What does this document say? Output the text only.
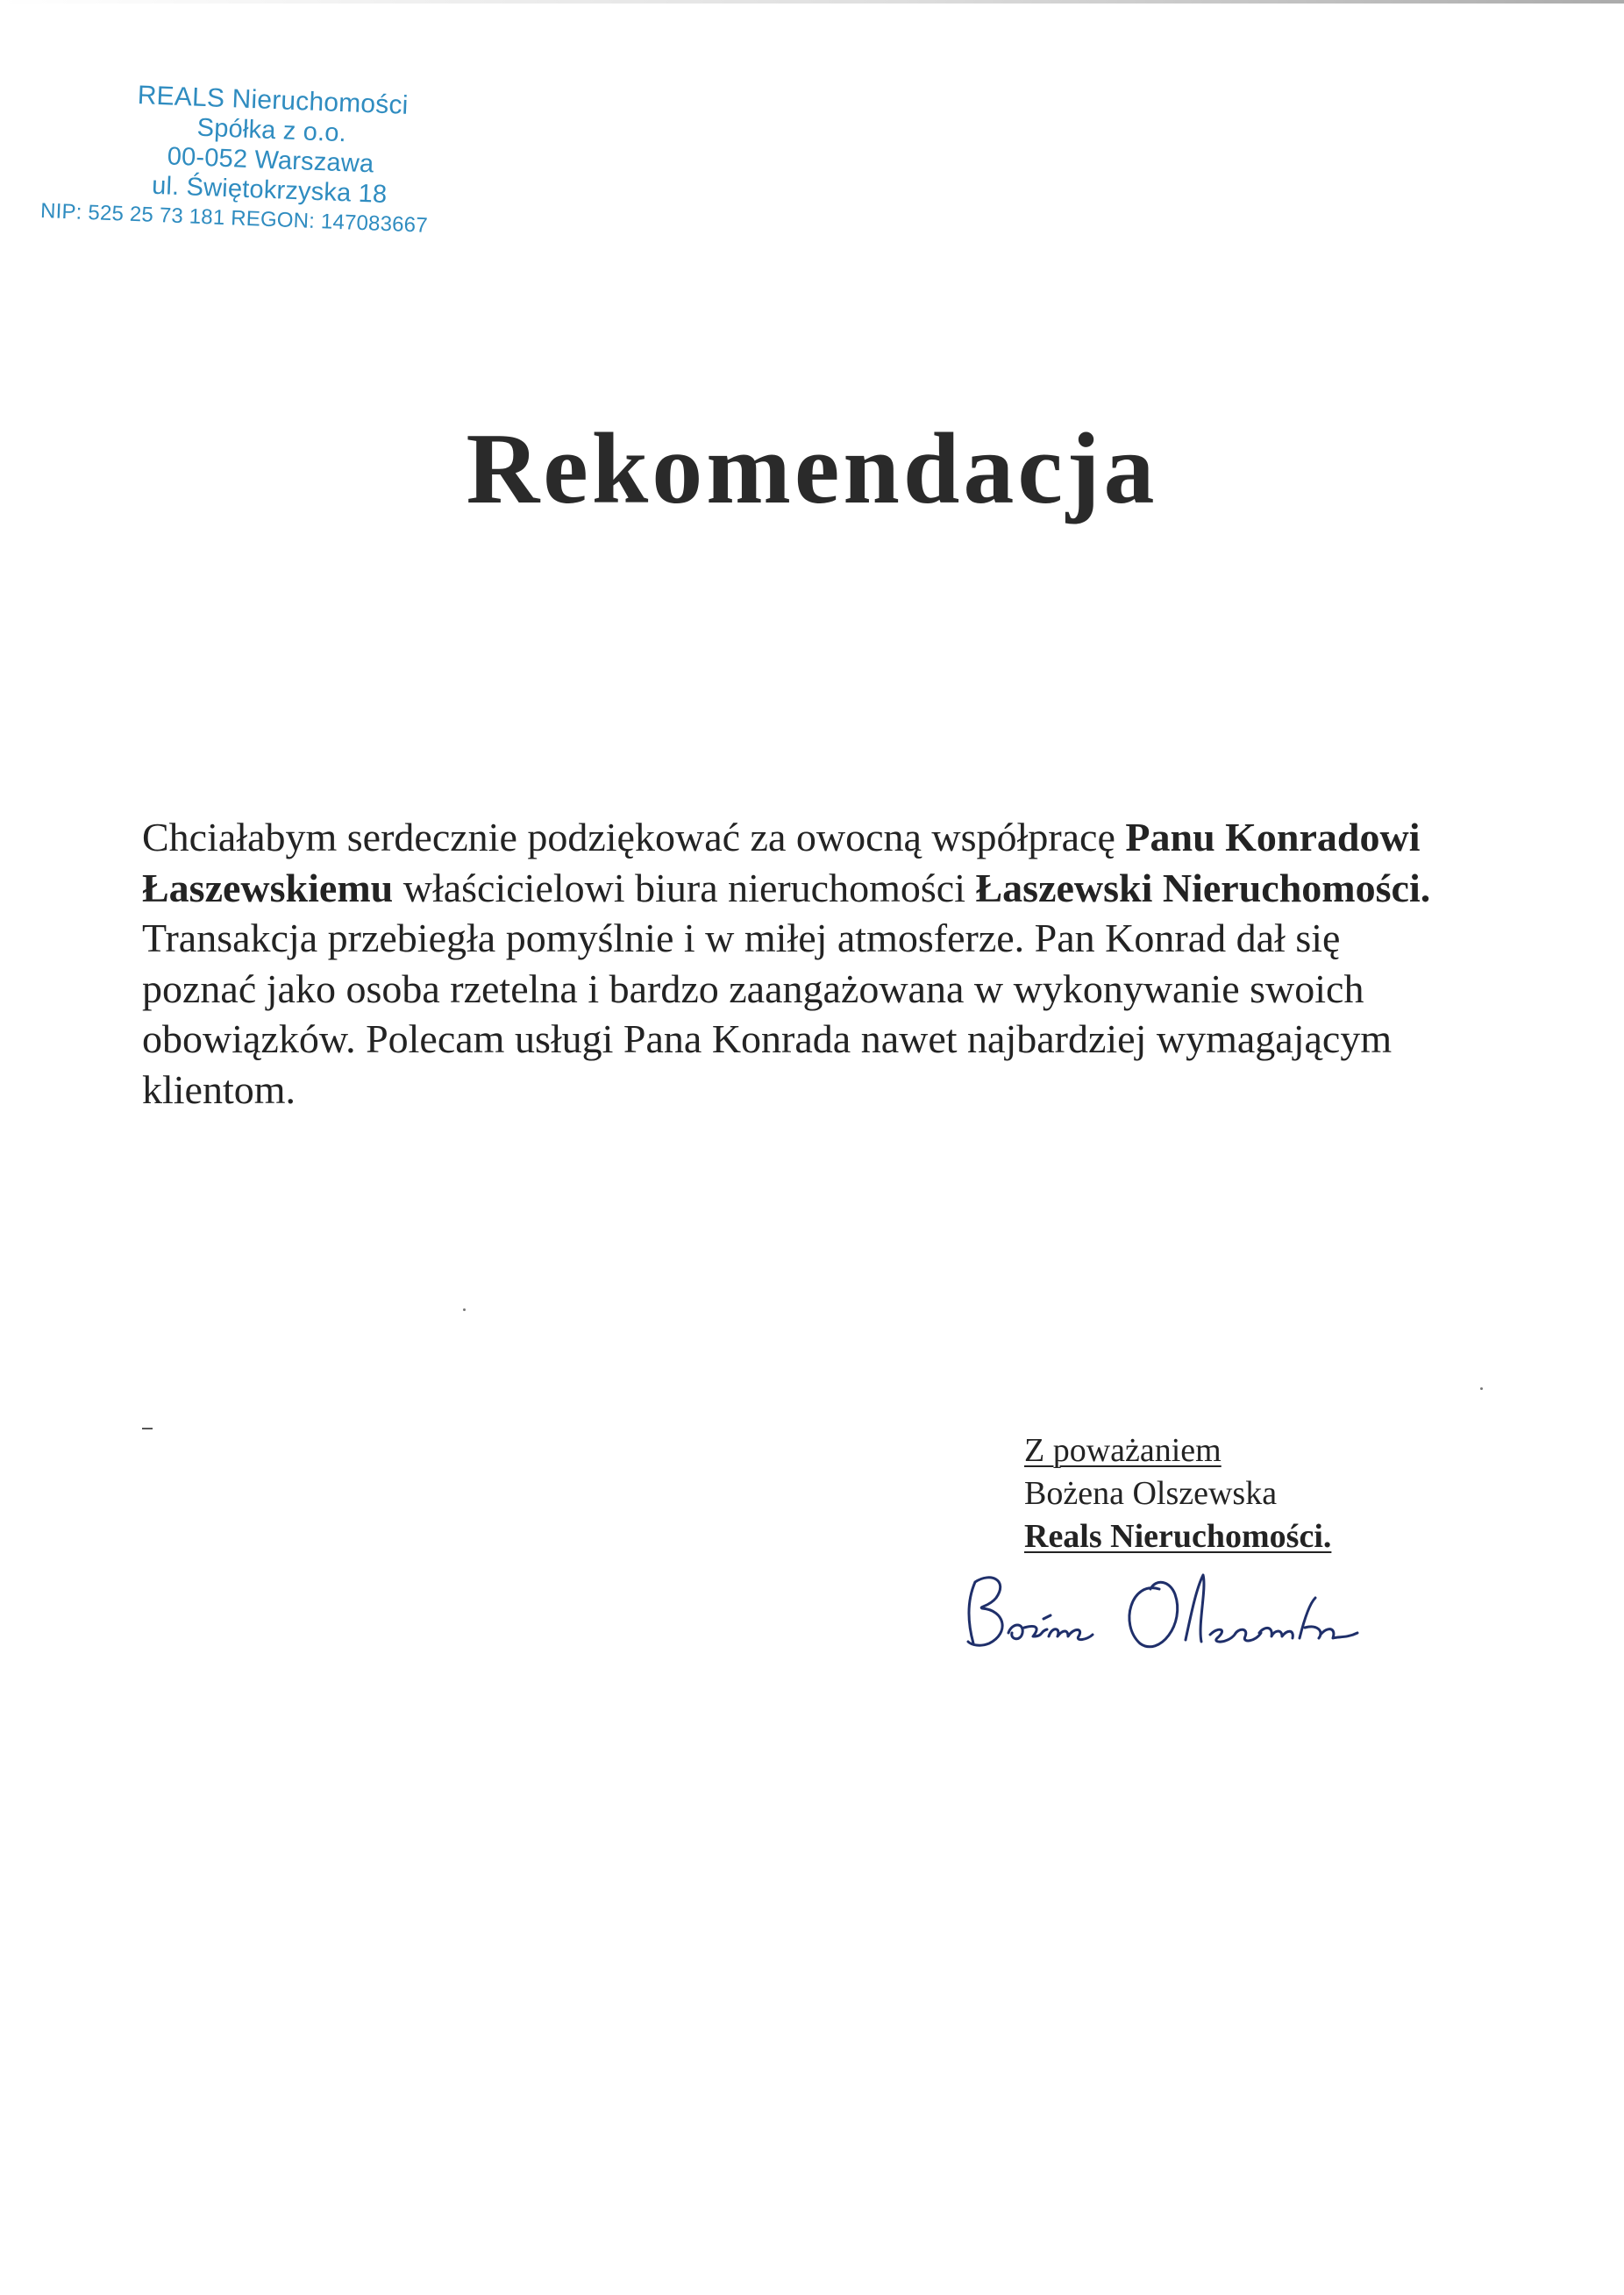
REALS Nieruchomości
Spółka z o.o.
00-052 Warszawa
ul. Świętokrzyska 18
NIP: 525 25 73 181 REGON: 147083667
Rekomendacja

Chciałabym serdecznie podziękować za owocną współpracę Panu Konradowi Łaszewskiemu właścicielowi biura nieruchomości Łaszewski Nieruchomości.

Transakcja przebiegła pomyślnie i w miłej atmosferze. Pan Konrad dał się poznać jako osoba rzetelna i bardzo zaangażowana w wykonywanie swoich obowiązków. Polecam usługi Pana Konrada nawet najbardziej wymagającym klientom.

Z poważaniem
Bożena Olszewska
Reals Nieruchomości.
